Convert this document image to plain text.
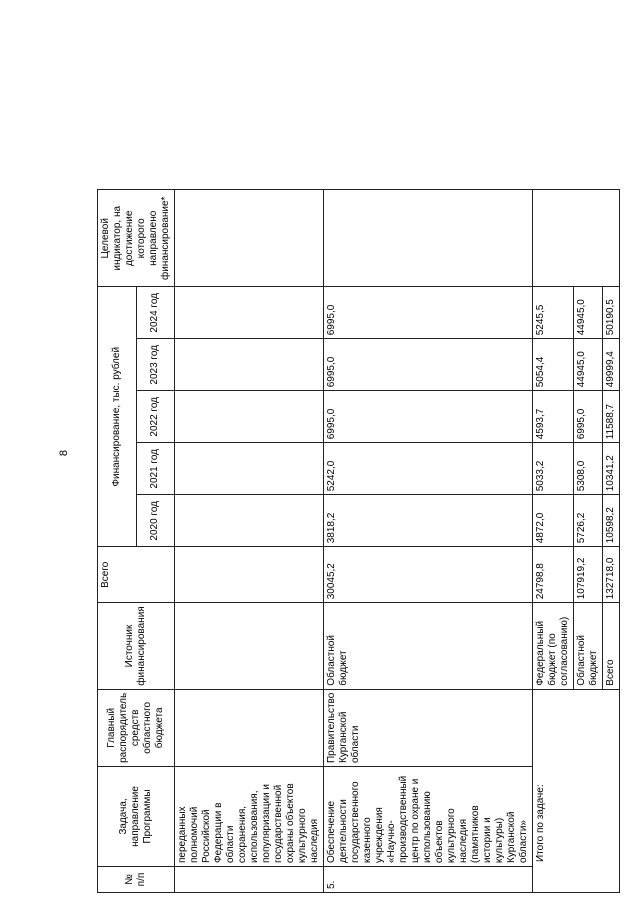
8
№ п/п	Задача, направление Программы	Главный распорядитель средств областного бюджета	Источник финансирования	Всего	Финансирование, тыс. рублей					Целевой индикатор, на достижение которого направлено финансирование*
					2020 год	2021 год	2022 год	2023 год	2024 год	
	переданных полномочий Российской Федерации в области сохранения, использования, популяризации и государственной охраны объектов культурного наследия									
5.	Обеспечение деятельности государственного казенного учреждения «Научно-производственный центр по охране и использованию объектов культурного наследия (памятников истории и культуры) Курганской области»	Правительство Курганской области	Областной бюджет	30045,2	3818,2	5242,0	6995,0	6995,0	6995,0	
Итого по задаче:			Федеральный бюджет (по согласованию)	24798,8	4872,0	5033,2	4593,7	5054,4	5245,5	
			Областной бюджет	107919,2	5726,2	5308,0	6995,0	44945,0	44945,0	
			Всего	132718,0	10598,2	10341,2	11588,7	49999,4	50190,5	
